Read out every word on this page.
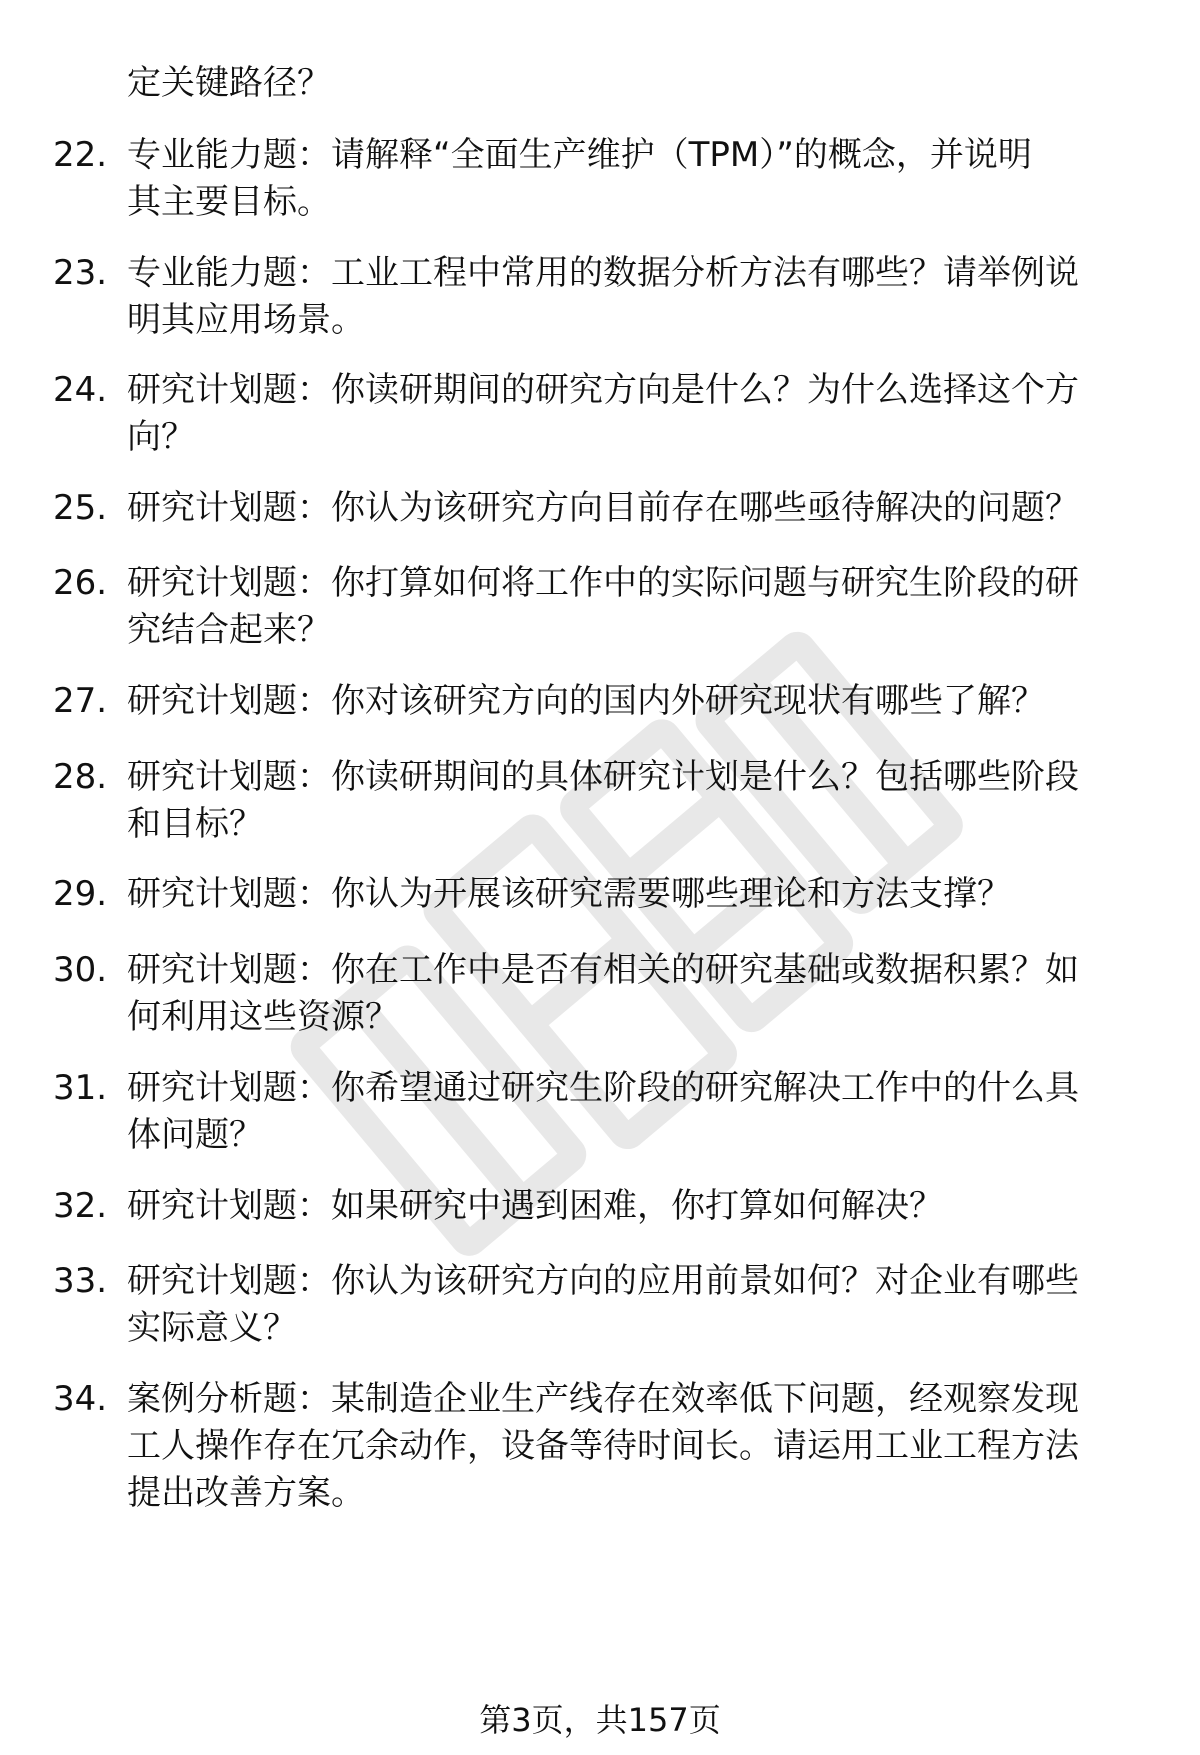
定关键路径？
22. 专业能力题：请解释“全面生产维护（TPM）”的概念，并说明
其主要目标。
23. 专业能力题：工业工程中常用的数据分析方法有哪些？请举例说
明其应用场景。
24. 研究计划题：你读研期间的研究方向是什么？为什么选择这个方
向？
25. 研究计划题：你认为该研究方向目前存在哪些亟待解决的问题？
26. 研究计划题：你打算如何将工作中的实际问题与研究生阶段的研
究结合起来？
27. 研究计划题：你对该研究方向的国内外研究现状有哪些了解？
28. 研究计划题：你读研期间的具体研究计划是什么？包括哪些阶段
和目标？
29. 研究计划题：你认为开展该研究需要哪些理论和方法支撑？
30. 研究计划题：你在工作中是否有相关的研究基础或数据积累？如
何利用这些资源？
31. 研究计划题：你希望通过研究生阶段的研究解决工作中的什么具
体问题？
32. 研究计划题：如果研究中遇到困难，你打算如何解决？
33. 研究计划题：你认为该研究方向的应用前景如何？对企业有哪些
实际意义？
34. 案例分析题：某制造企业生产线存在效率低下问题，经观察发现
工人操作存在冗余动作，设备等待时间长。请运用工业工程方法
提出改善方案。
第3页，共157页
